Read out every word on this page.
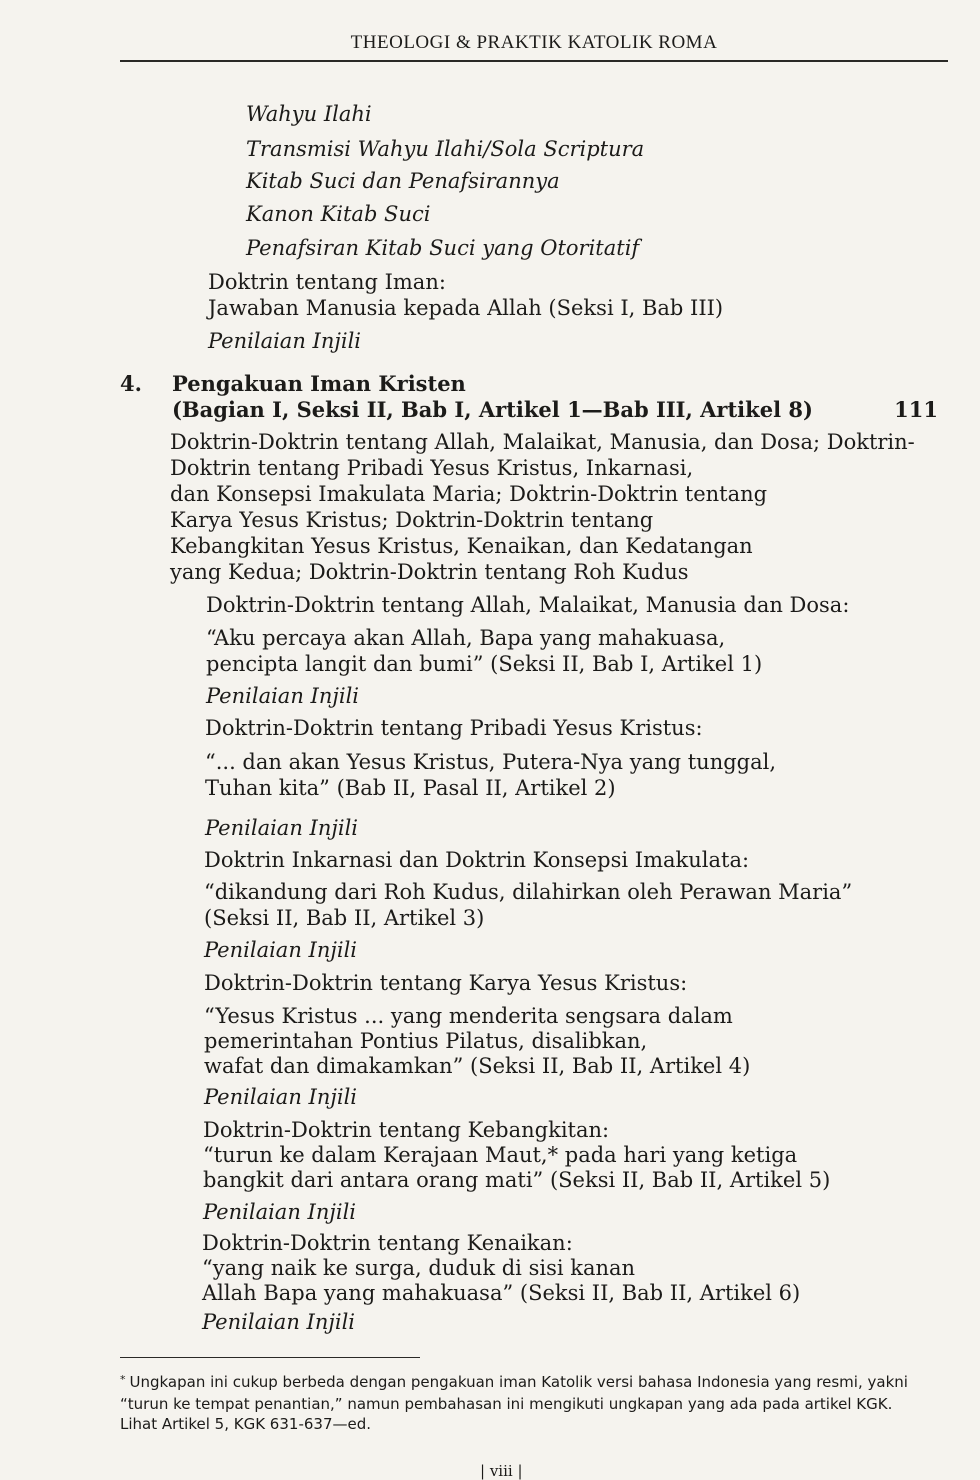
THEOLOGI & PRAKTIK KATOLIK ROMA
Wahyu Ilahi
Transmisi Wahyu Ilahi/Sola Scriptura
Kitab Suci dan Penafsirannya
Kanon Kitab Suci
Penafsiran Kitab Suci yang Otoritatif
Doktrin tentang Iman:
Jawaban Manusia kepada Allah (Seksi I, Bab III)
Penilaian Injili
4. Pengakuan Iman Kristen
(Bagian I, Seksi II, Bab I, Artikel 1—Bab III, Artikel 8)	111
Doktrin-Doktrin tentang Allah, Malaikat, Manusia, dan Dosa; Doktrin-
Doktrin tentang Pribadi Yesus Kristus, Inkarnasi,
dan Konsepsi Imakulata Maria; Doktrin-Doktrin tentang
Karya Yesus Kristus; Doktrin-Doktrin tentang
Kebangkitan Yesus Kristus, Kenaikan, dan Kedatangan
yang Kedua; Doktrin-Doktrin tentang Roh Kudus
Doktrin-Doktrin tentang Allah, Malaikat, Manusia dan Dosa:
“Aku percaya akan Allah, Bapa yang mahakuasa,
pencipta langit dan bumi” (Seksi II, Bab I, Artikel 1)
Penilaian Injili
Doktrin-Doktrin tentang Pribadi Yesus Kristus:
“... dan akan Yesus Kristus, Putera-Nya yang tunggal,
Tuhan kita” (Bab II, Pasal II, Artikel 2)
Penilaian Injili
Doktrin Inkarnasi dan Doktrin Konsepsi Imakulata:
“dikandung dari Roh Kudus, dilahirkan oleh Perawan Maria”
(Seksi II, Bab II, Artikel 3)
Penilaian Injili
Doktrin-Doktrin tentang Karya Yesus Kristus:
“Yesus Kristus ... yang menderita sengsara dalam
pemerintahan Pontius Pilatus, disalibkan,
wafat dan dimakamkan” (Seksi II, Bab II, Artikel 4)
Penilaian Injili
Doktrin-Doktrin tentang Kebangkitan:
“turun ke dalam Kerajaan Maut,* pada hari yang ketiga
bangkit dari antara orang mati” (Seksi II, Bab II, Artikel 5)
Penilaian Injili
Doktrin-Doktrin tentang Kenaikan:
“yang naik ke surga, duduk di sisi kanan
Allah Bapa yang mahakuasa” (Seksi II, Bab II, Artikel 6)
Penilaian Injili
* Ungkapan ini cukup berbeda dengan pengakuan iman Katolik versi bahasa Indonesia yang resmi, yakni “turun ke tempat penantian,” namun pembahasan ini mengikuti ungkapan yang ada pada artikel KGK. Lihat Artikel 5, KGK 631-637—ed.
| viii |
